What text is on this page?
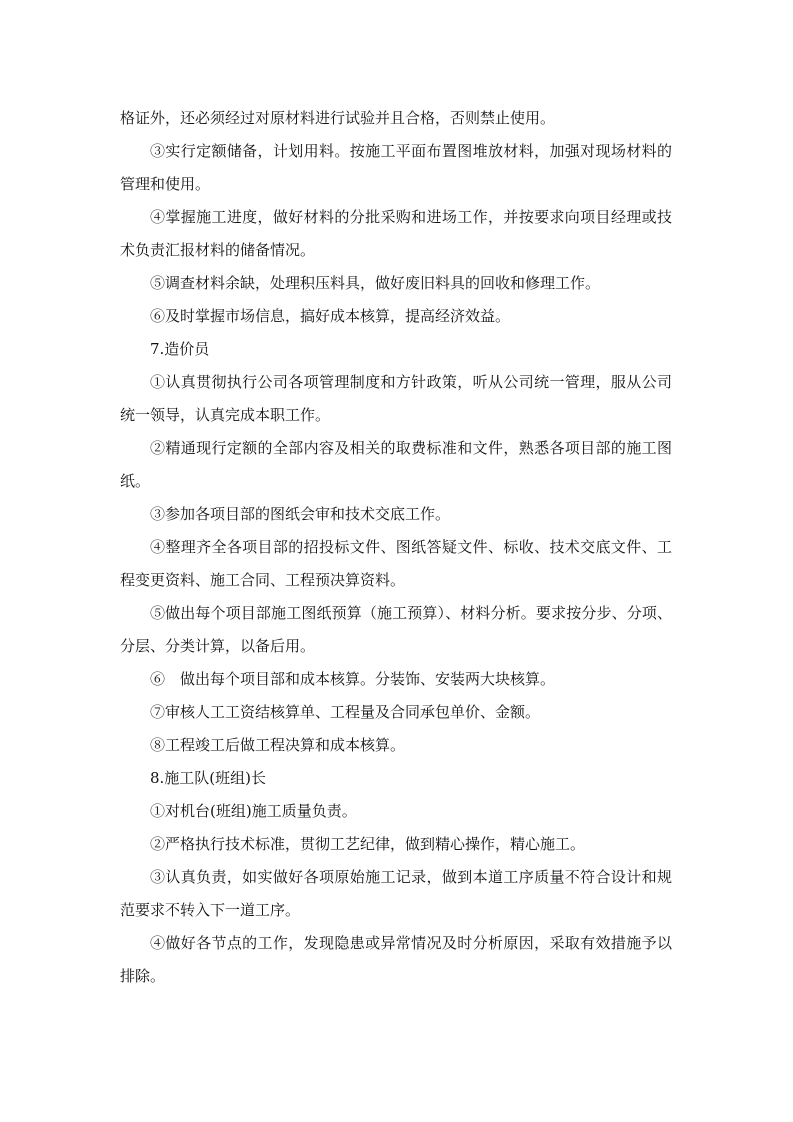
格证外，还必须经过对原材料进行试验并且合格，否则禁止使用。

③实行定额储备，计划用料。按施工平面布置图堆放材料，加强对现场材料的管理和使用。

④掌握施工进度，做好材料的分批采购和进场工作，并按要求向项目经理或技术负责汇报材料的储备情况。

⑤调查材料余缺，处理积压料具，做好废旧料具的回收和修理工作。

⑥及时掌握市场信息，搞好成本核算，提高经济效益。

7.造价员

①认真贯彻执行公司各项管理制度和方针政策，听从公司统一管理，服从公司统一领导，认真完成本职工作。

②精通现行定额的全部内容及相关的取费标准和文件，熟悉各项目部的施工图纸。

③参加各项目部的图纸会审和技术交底工作。

④整理齐全各项目部的招投标文件、图纸答疑文件、标收、技术交底文件、工程变更资料、施工合同、工程预决算资料。

⑤做出每个项目部施工图纸预算（施工预算）、材料分析。要求按分步、分项、分层、分类计算，以备后用。

⑥　做出每个项目部和成本核算。分装饰、安装两大块核算。

⑦审核人工工资结核算单、工程量及合同承包单价、金额。

⑧工程竣工后做工程决算和成本核算。

8.施工队(班组)长

①对机台(班组)施工质量负责。

②严格执行技术标准，贯彻工艺纪律，做到精心操作，精心施工。

③认真负责，如实做好各项原始施工记录，做到本道工序质量不符合设计和规范要求不转入下一道工序。

④做好各节点的工作，发现隐患或异常情况及时分析原因，采取有效措施予以排除。
